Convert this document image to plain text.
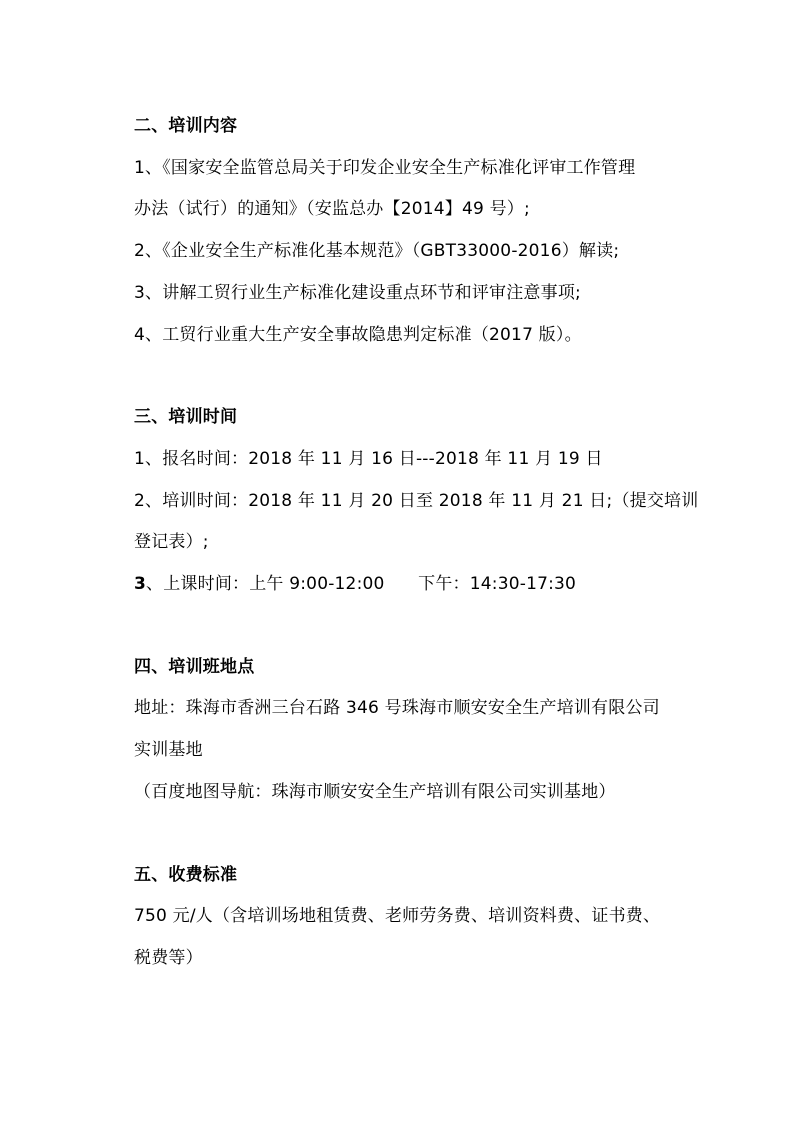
二、培训内容
1、《国家安全监管总局关于印发企业安全生产标准化评审工作管理
办法（试行）的通知》（安监总办【2014】49 号）;
2、《企业安全生产标准化基本规范》（GBT33000-2016）解读;
3、讲解工贸行业生产标准化建设重点环节和评审注意事项;
4、工贸行业重大生产安全事故隐患判定标准（2017 版）。
三、培训时间
1、报名时间：2018 年 11 月 16 日---2018 年 11 月 19 日
2、培训时间：2018 年 11 月 20 日至 2018 年 11 月 21 日;（提交培训
登记表）;
3、上课时间：上午 9:00-12:00      下午：14:30-17:30
四、培训班地点
地址：珠海市香洲三台石路 346 号珠海市顺安安全生产培训有限公司
实训基地
（百度地图导航：珠海市顺安安全生产培训有限公司实训基地）
五、收费标准
750 元/人（含培训场地租赁费、老师劳务费、培训资料费、证书费、
税费等）
